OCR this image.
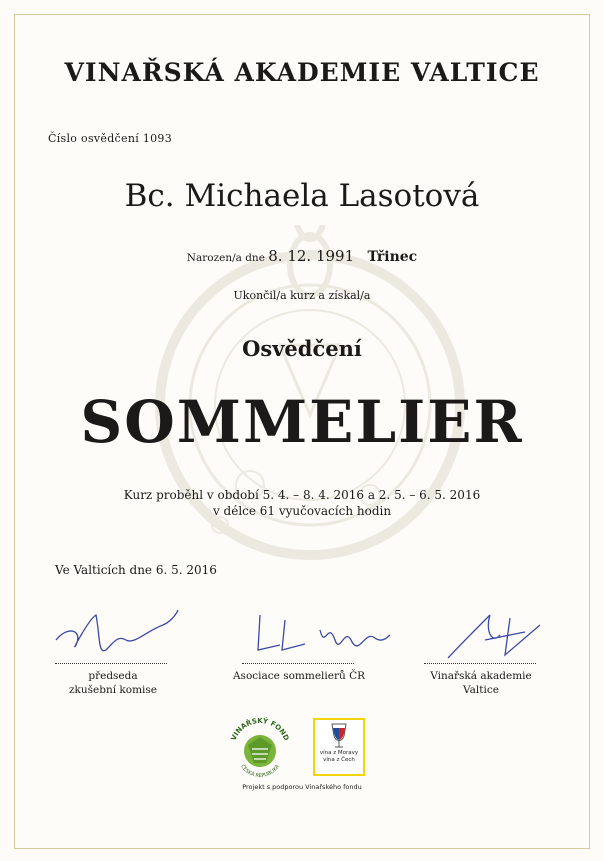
VINAŘSKÁ AKADEMIE VALTICE
Číslo osvědčení 1093
Bc. Michaela Lasotová
Narozen/a dne 8. 12. 1991 Třinec
Ukončil/a kurz a získal/a
Osvědčení
SOMMELIER
Kurz proběhl v období 5. 4. – 8. 4. 2016 a 2. 5. – 6. 5. 2016
v délce 61 vyučovacích hodin
Ve Valticích dne 6. 5. 2016
předseda
zkušební komise
Asociace sommelierů ČR	Vinařská akademie
Valtice
VINAŘSKÝ FOND
ČESKÁ REPUBLIKA
vína z Moravy
vína z Čech
Projekt s podporou Vinařského fondu
